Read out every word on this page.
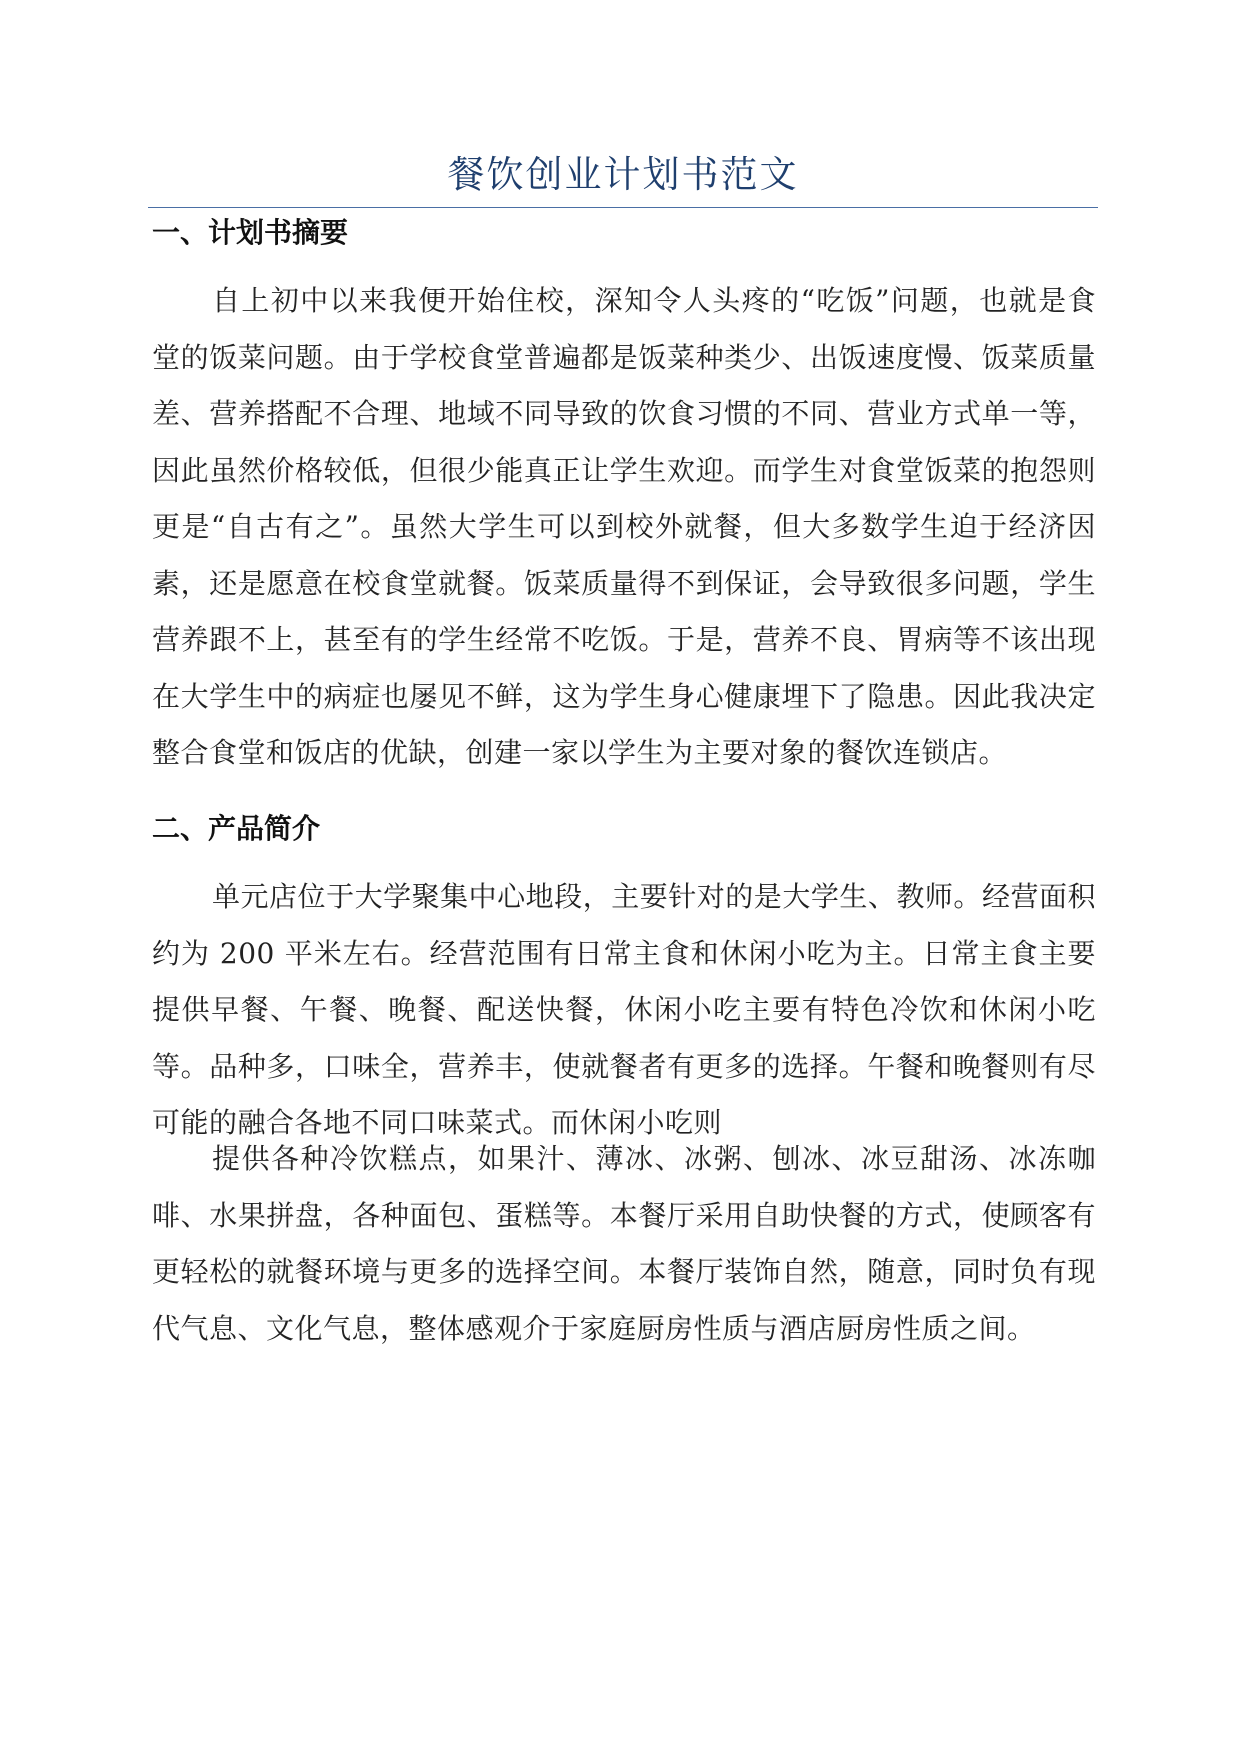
餐饮创业计划书范文
一、计划书摘要
自上初中以来我便开始住校，深知令人头疼的“吃饭”问题，也就是食堂的饭菜问题。由于学校食堂普遍都是饭菜种类少、出饭速度慢、饭菜质量差、营养搭配不合理、地域不同导致的饮食习惯的不同、营业方式单一等，因此虽然价格较低，但很少能真正让学生欢迎。而学生对食堂饭菜的抱怨则更是“自古有之”。虽然大学生可以到校外就餐，但大多数学生迫于经济因素，还是愿意在校食堂就餐。饭菜质量得不到保证，会导致很多问题，学生营养跟不上，甚至有的学生经常不吃饭。于是，营养不良、胃病等不该出现在大学生中的病症也屡见不鲜，这为学生身心健康埋下了隐患。因此我决定整合食堂和饭店的优缺，创建一家以学生为主要对象的餐饮连锁店。
二、产品简介
单元店位于大学聚集中心地段，主要针对的是大学生、教师。经营面积约为 200 平米左右。经营范围有日常主食和休闲小吃为主。日常主食主要提供早餐、午餐、晚餐、配送快餐，休闲小吃主要有特色冷饮和休闲小吃等。品种多，口味全，营养丰，使就餐者有更多的选择。午餐和晚餐则有尽可能的融合各地不同口味菜式。而休闲小吃则
提供各种冷饮糕点，如果汁、薄冰、冰粥、刨冰、冰豆甜汤、冰冻咖啡、水果拼盘，各种面包、蛋糕等。本餐厅采用自助快餐的方式，使顾客有更轻松的就餐环境与更多的选择空间。本餐厅装饰自然，随意，同时负有现代气息、文化气息，整体感观介于家庭厨房性质与酒店厨房性质之间。
